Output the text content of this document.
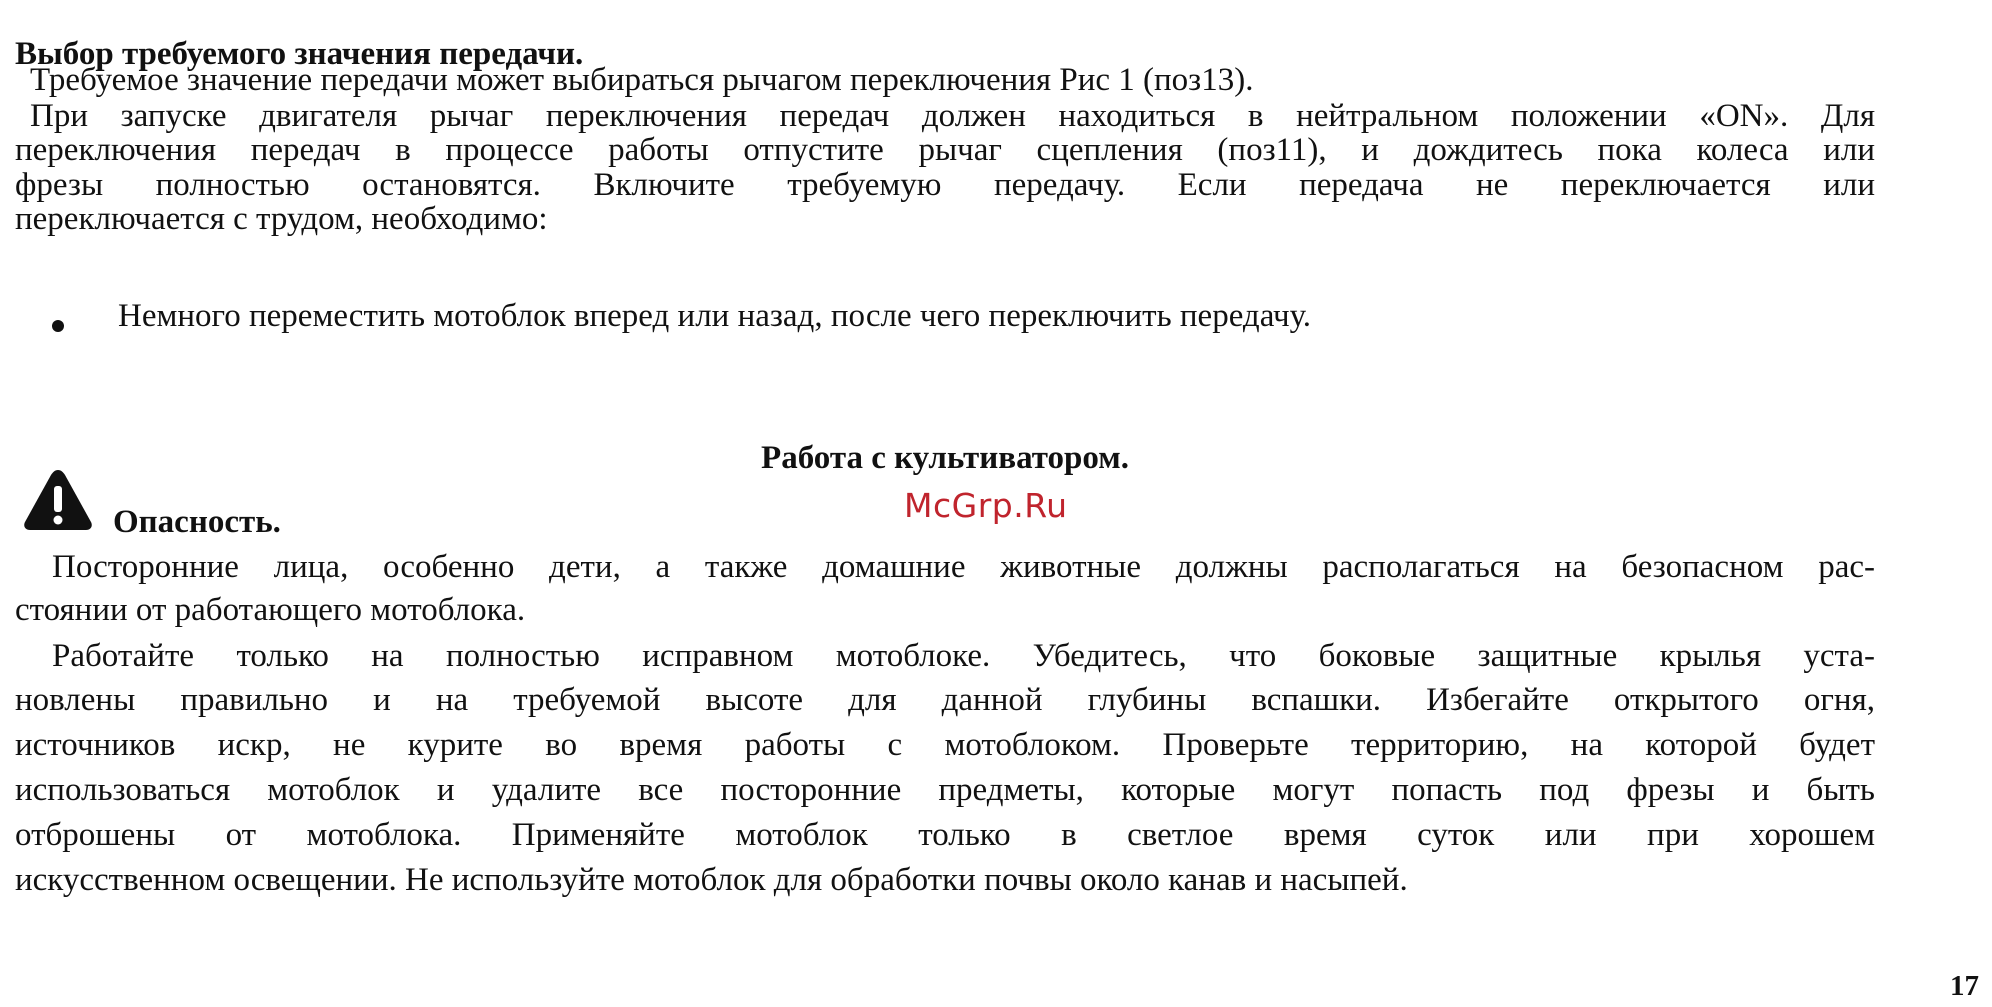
Выбор требуемого значения передачи.
Требуемое значение передачи может выбираться рычагом переключения Рис 1 (поз13).
При запуске двигателя рычаг переключения передач должен находиться в нейтральном положении «ON». Для
переключения передач в процессе работы отпустите рычаг сцепления (поз11), и дождитесь пока колеса или
фрезы полностью остановятся. Включите требуемую передачу. Если передача не переключается или
переключается с трудом, необходимо:
Немного переместить мотоблок вперед или назад, после чего переключить передачу.
Работа с культиватором.
Опасность.	McGrp.Ru
Посторонние лица, особенно дети, а также домашние животные должны располагаться на безопасном рас-
стоянии от работающего мотоблока.
Работайте только на полностью исправном мотоблоке. Убедитесь, что боковые защитные крылья уста-
новлены правильно и на требуемой высоте для данной глубины вспашки. Избегайте открытого огня,
источников искр, не курите во время работы с мотоблоком. Проверьте территорию, на которой будет
использоваться мотоблок и удалите все посторонние предметы, которые могут попасть под фрезы и быть
отброшены от мотоблока. Применяйте мотоблок только в светлое время суток или при хорошем
искусственном освещении. Не используйте мотоблок для обработки почвы около канав и насыпей.
17
